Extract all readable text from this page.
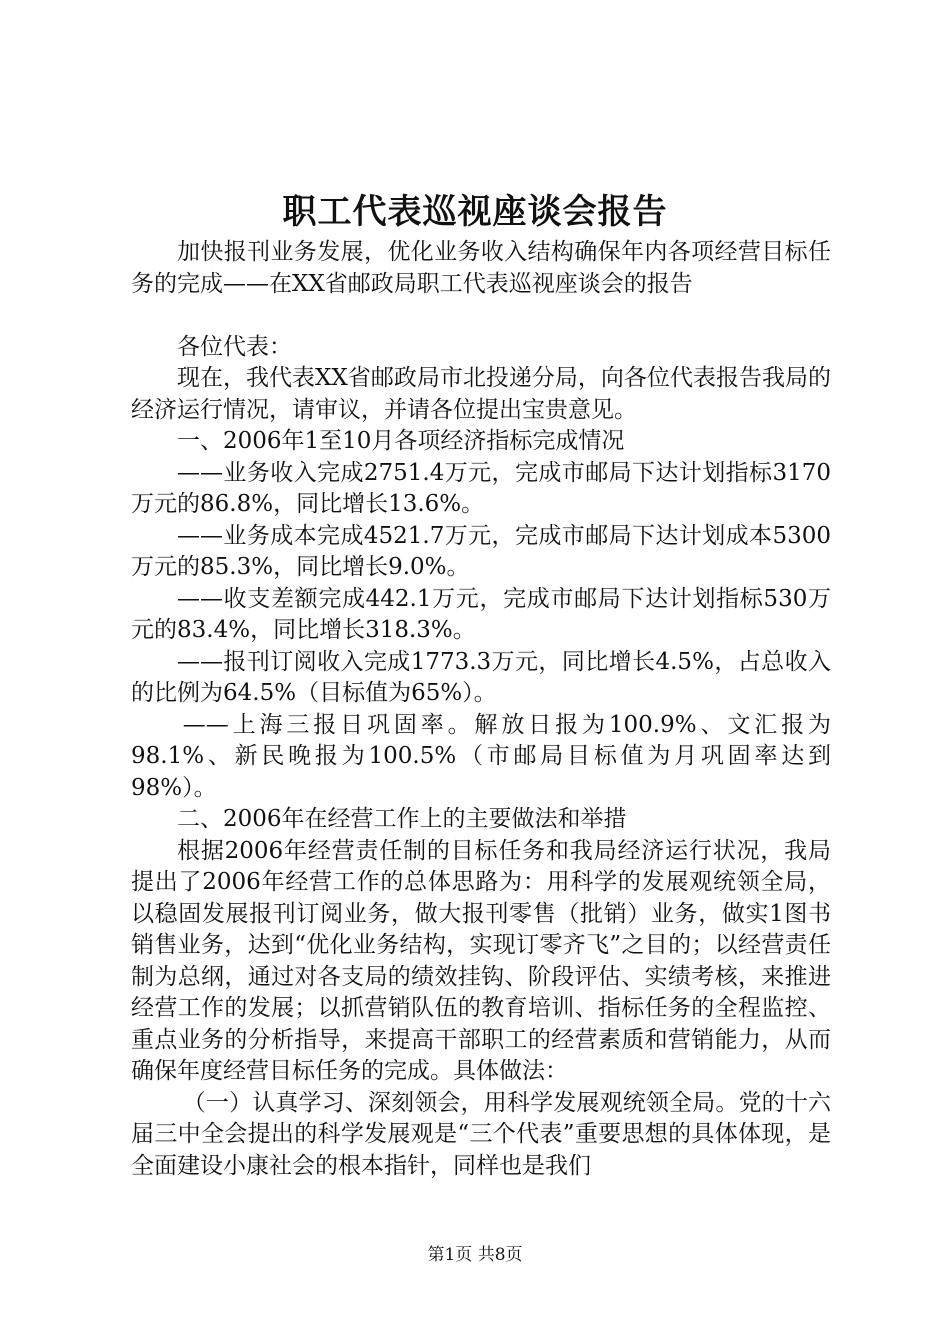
职工代表巡视座谈会报告

加快报刊业务发展，优化业务收入结构确保年内各项经营目标任务的完成——在XX省邮政局职工代表巡视座谈会的报告

各位代表：

现在，我代表XX省邮政局市北投递分局，向各位代表报告我局的经济运行情况，请审议，并请各位提出宝贵意见。

一、2006年1至10月各项经济指标完成情况

——业务收入完成2751.4万元，完成市邮局下达计划指标3170万元的86.8%，同比增长13.6%。

——业务成本完成4521.7万元，完成市邮局下达计划成本5300万元的85.3%，同比增长9.0%。

——收支差额完成442.1万元，完成市邮局下达计划指标530万元的83.4%，同比增长318.3%。

——报刊订阅收入完成1773.3万元，同比增长4.5%，占总收入的比例为64.5%（目标值为65%）。

——上海三报日巩固率。解放日报为100.9%、文汇报为98.1%、新民晚报为100.5%（市邮局目标值为月巩固率达到98%）。

二、2006年在经营工作上的主要做法和举措

根据2006年经营责任制的目标任务和我局经济运行状况，我局提出了2006年经营工作的总体思路为：用科学的发展观统领全局，以稳固发展报刊订阅业务，做大报刊零售（批销）业务，做实1图书销售业务，达到“优化业务结构，实现订零齐飞”之目的；以经营责任制为总纲，通过对各支局的绩效挂钩、阶段评估、实绩考核，来推进经营工作的发展；以抓营销队伍的教育培训、指标任务的全程监控、重点业务的分析指导，来提高干部职工的经营素质和营销能力，从而确保年度经营目标任务的完成。具体做法：

（一）认真学习、深刻领会，用科学发展观统领全局。党的十六届三中全会提出的科学发展观是“三个代表”重要思想的具体体现，是全面建设小康社会的根本指针，同样也是我们

第1页 共8页
